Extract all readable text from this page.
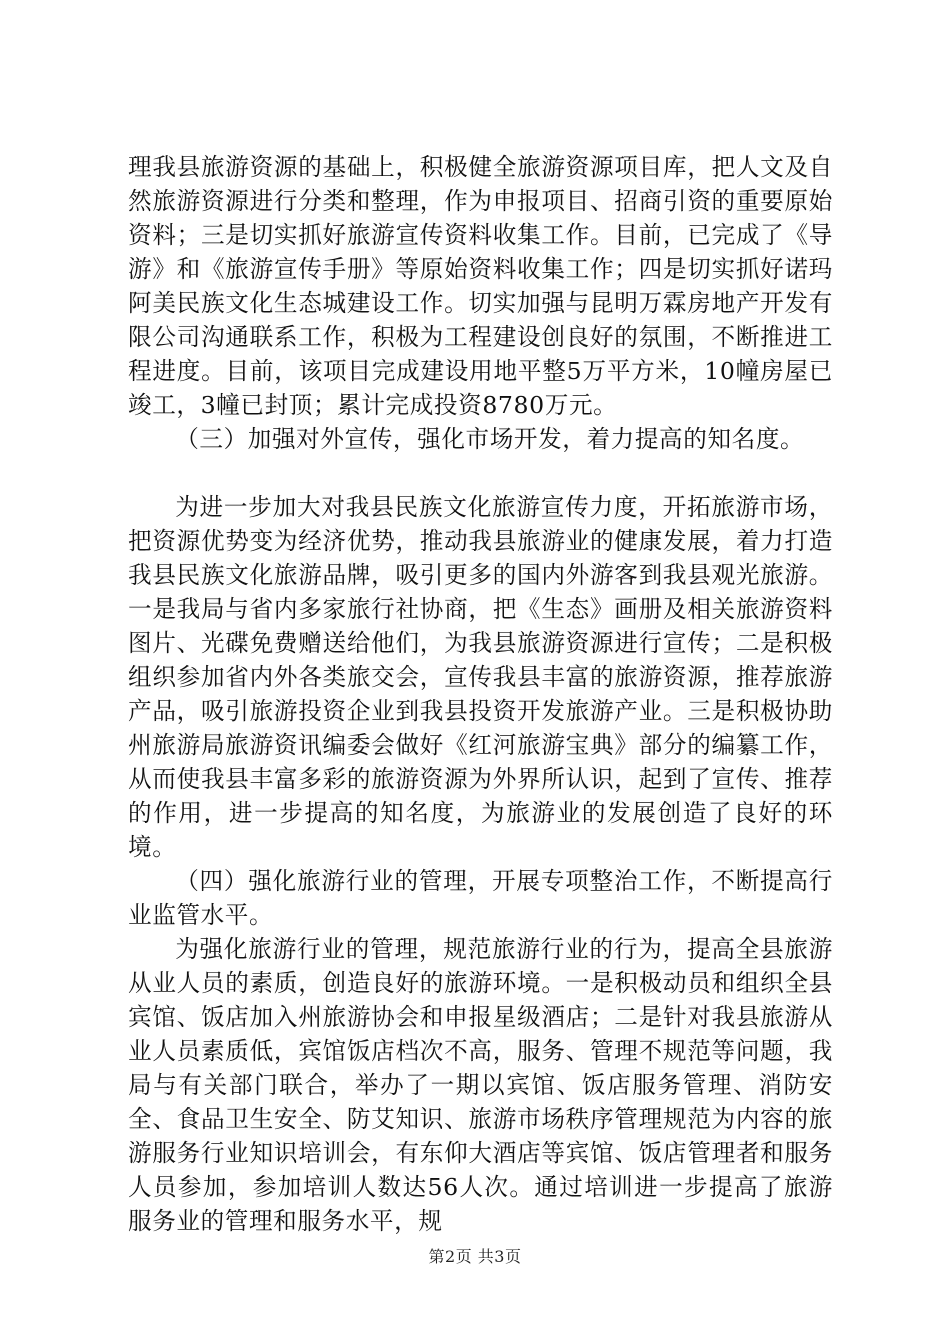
理我县旅游资源的基础上，积极健全旅游资源项目库，把人文及自然旅游资源进行分类和整理，作为申报项目、招商引资的重要原始资料；三是切实抓好旅游宣传资料收集工作。目前，已完成了《导游》和《旅游宣传手册》等原始资料收集工作；四是切实抓好诺玛阿美民族文化生态城建设工作。切实加强与昆明万霖房地产开发有限公司沟通联系工作，积极为工程建设创良好的氛围，不断推进工程进度。目前，该项目完成建设用地平整5万平方米，10幢房屋已竣工，3幢已封顶；累计完成投资8780万元。

（三）加强对外宣传，强化市场开发，着力提高的知名度。

为进一步加大对我县民族文化旅游宣传力度，开拓旅游市场，把资源优势变为经济优势，推动我县旅游业的健康发展，着力打造我县民族文化旅游品牌，吸引更多的国内外游客到我县观光旅游。一是我局与省内多家旅行社协商，把《生态》画册及相关旅游资料图片、光碟免费赠送给他们，为我县旅游资源进行宣传；二是积极组织参加省内外各类旅交会，宣传我县丰富的旅游资源，推荐旅游产品，吸引旅游投资企业到我县投资开发旅游产业。三是积极协助州旅游局旅游资讯编委会做好《红河旅游宝典》部分的编纂工作，从而使我县丰富多彩的旅游资源为外界所认识，起到了宣传、推荐的作用，进一步提高的知名度，为旅游业的发展创造了良好的环境。

（四）强化旅游行业的管理，开展专项整治工作，不断提高行业监管水平。

为强化旅游行业的管理，规范旅游行业的行为，提高全县旅游从业人员的素质，创造良好的旅游环境。一是积极动员和组织全县宾馆、饭店加入州旅游协会和申报星级酒店；二是针对我县旅游从业人员素质低，宾馆饭店档次不高，服务、管理不规范等问题，我局与有关部门联合，举办了一期以宾馆、饭店服务管理、消防安全、食品卫生安全、防艾知识、旅游市场秩序管理规范为内容的旅游服务行业知识培训会，有东仰大酒店等宾馆、饭店管理者和服务人员参加，参加培训人数达56人次。通过培训进一步提高了旅游服务业的管理和服务水平，规

第2页 共3页
